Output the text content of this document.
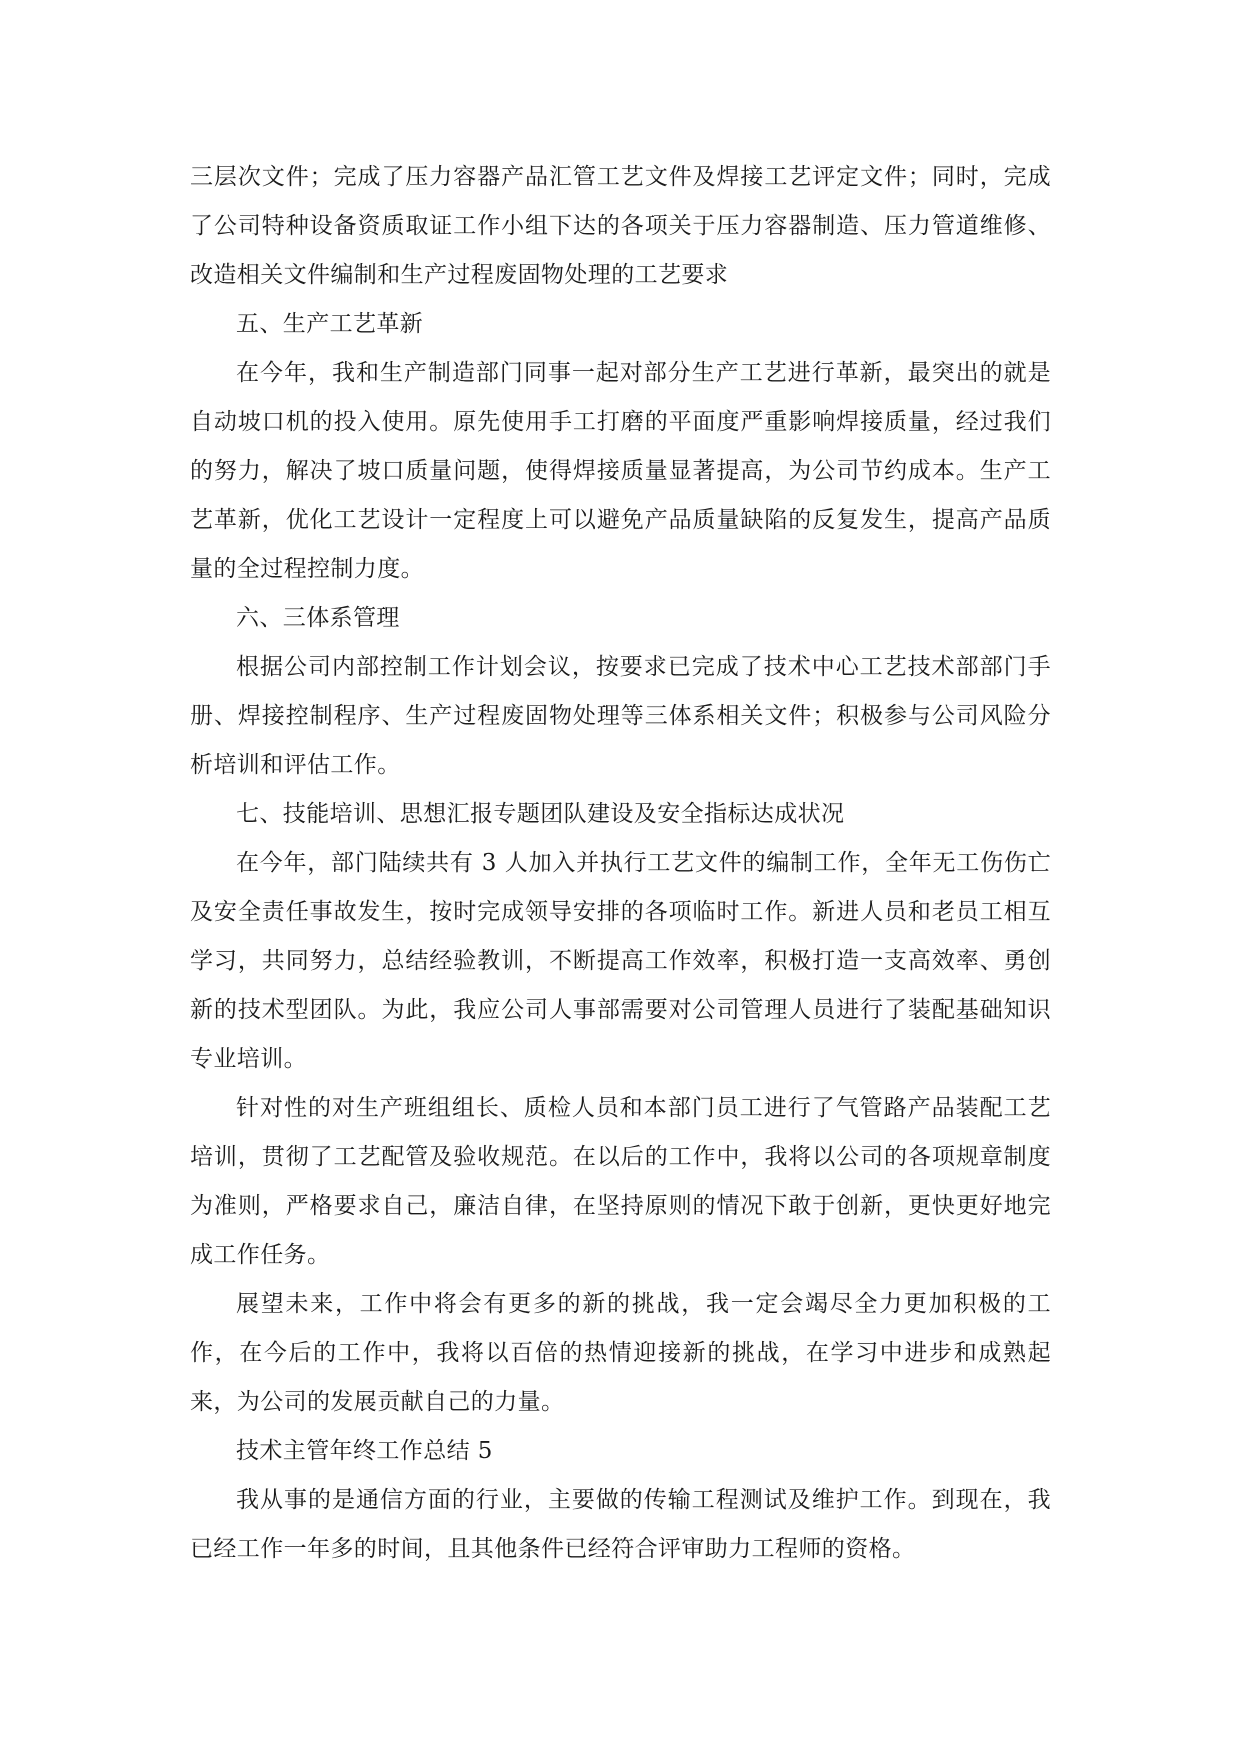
三层次文件；完成了压力容器产品汇管工艺文件及焊接工艺评定文件；同时，完成了公司特种设备资质取证工作小组下达的各项关于压力容器制造、压力管道维修、改造相关文件编制和生产过程废固物处理的工艺要求

五、生产工艺革新

在今年，我和生产制造部门同事一起对部分生产工艺进行革新，最突出的就是自动坡口机的投入使用。原先使用手工打磨的平面度严重影响焊接质量，经过我们的努力，解决了坡口质量问题，使得焊接质量显著提高，为公司节约成本。生产工艺革新，优化工艺设计一定程度上可以避免产品质量缺陷的反复发生，提高产品质量的全过程控制力度。

六、三体系管理

根据公司内部控制工作计划会议，按要求已完成了技术中心工艺技术部部门手册、焊接控制程序、生产过程废固物处理等三体系相关文件；积极参与公司风险分析培训和评估工作。

七、技能培训、思想汇报专题团队建设及安全指标达成状况

在今年，部门陆续共有 3 人加入并执行工艺文件的编制工作，全年无工伤伤亡及安全责任事故发生，按时完成领导安排的各项临时工作。新进人员和老员工相互学习，共同努力，总结经验教训，不断提高工作效率，积极打造一支高效率、勇创新的技术型团队。为此，我应公司人事部需要对公司管理人员进行了装配基础知识专业培训。

针对性的对生产班组组长、质检人员和本部门员工进行了气管路产品装配工艺培训，贯彻了工艺配管及验收规范。在以后的工作中，我将以公司的各项规章制度为准则，严格要求自己，廉洁自律，在坚持原则的情况下敢于创新，更快更好地完成工作任务。

展望未来，工作中将会有更多的新的挑战，我一定会竭尽全力更加积极的工作，在今后的工作中，我将以百倍的热情迎接新的挑战，在学习中进步和成熟起来，为公司的发展贡献自己的力量。

技术主管年终工作总结 5

我从事的是通信方面的行业，主要做的传输工程测试及维护工作。到现在，我已经工作一年多的时间，且其他条件已经符合评审助力工程师的资格。
